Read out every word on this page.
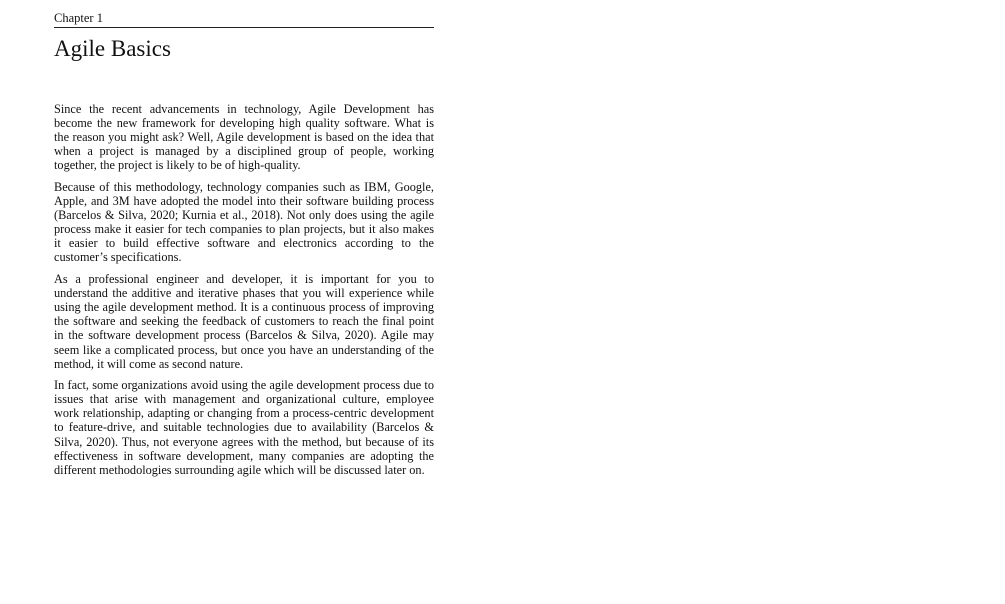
Chapter 1
Agile Basics

Since the recent advancements in technology, Agile Development has become the new framework for developing high quality software. What is the reason you might ask? Well, Agile development is based on the idea that when a project is managed by a disciplined group of people, working together, the project is likely to be of high-quality.

Because of this methodology, technology companies such as IBM, Google, Apple, and 3M have adopted the model into their software building process (Barcelos & Silva, 2020; Kurnia et al., 2018). Not only does using the agile process make it easier for tech companies to plan projects, but it also makes it easier to build effective software and electronics according to the customer’s specifications.

As a professional engineer and developer, it is important for you to understand the additive and iterative phases that you will experience while using the agile development method. It is a continuous process of improving the software and seeking the feedback of customers to reach the final point in the software development process (Barcelos & Silva, 2020). Agile may seem like a complicated process, but once you have an understanding of the method, it will come as second nature.

In fact, some organizations avoid using the agile development process due to issues that arise with management and organizational culture, employee work relationship, adapting or changing from a process-centric development to feature-drive, and suitable technologies due to availability (Barcelos & Silva, 2020). Thus, not everyone agrees with the method, but because of its effectiveness in software development, many companies are adopting the different methodologies surrounding agile which will be discussed later on.
